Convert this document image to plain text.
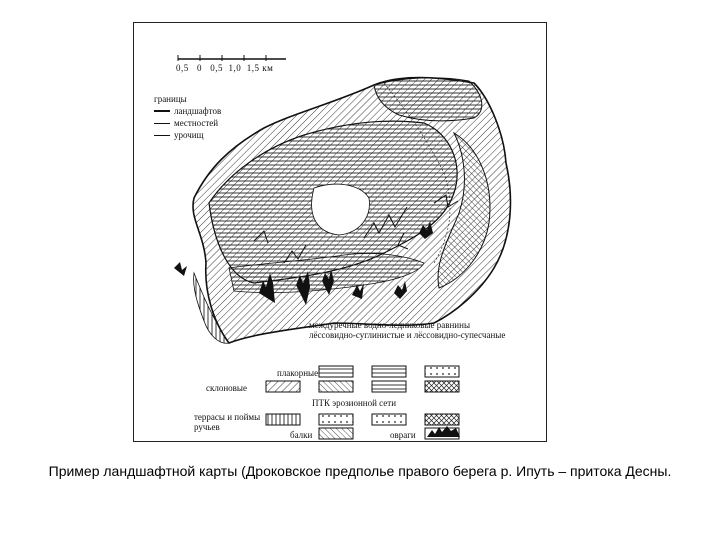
0,5 0 0,5 1,0 1,5 км
границы
ландшафтов
местностей
урочищ
междуречные водно-ледниковые равнины лёссовидно-суглинистые и лёссовидно-супесчаные
плакорные
склоновые
ПТК эрозионной сети
террасы и поймы ручьев
балки	овраги
Пример ландшафтной карты (Дроковское предполье правого берега р. Ипуть – притока Десны.
